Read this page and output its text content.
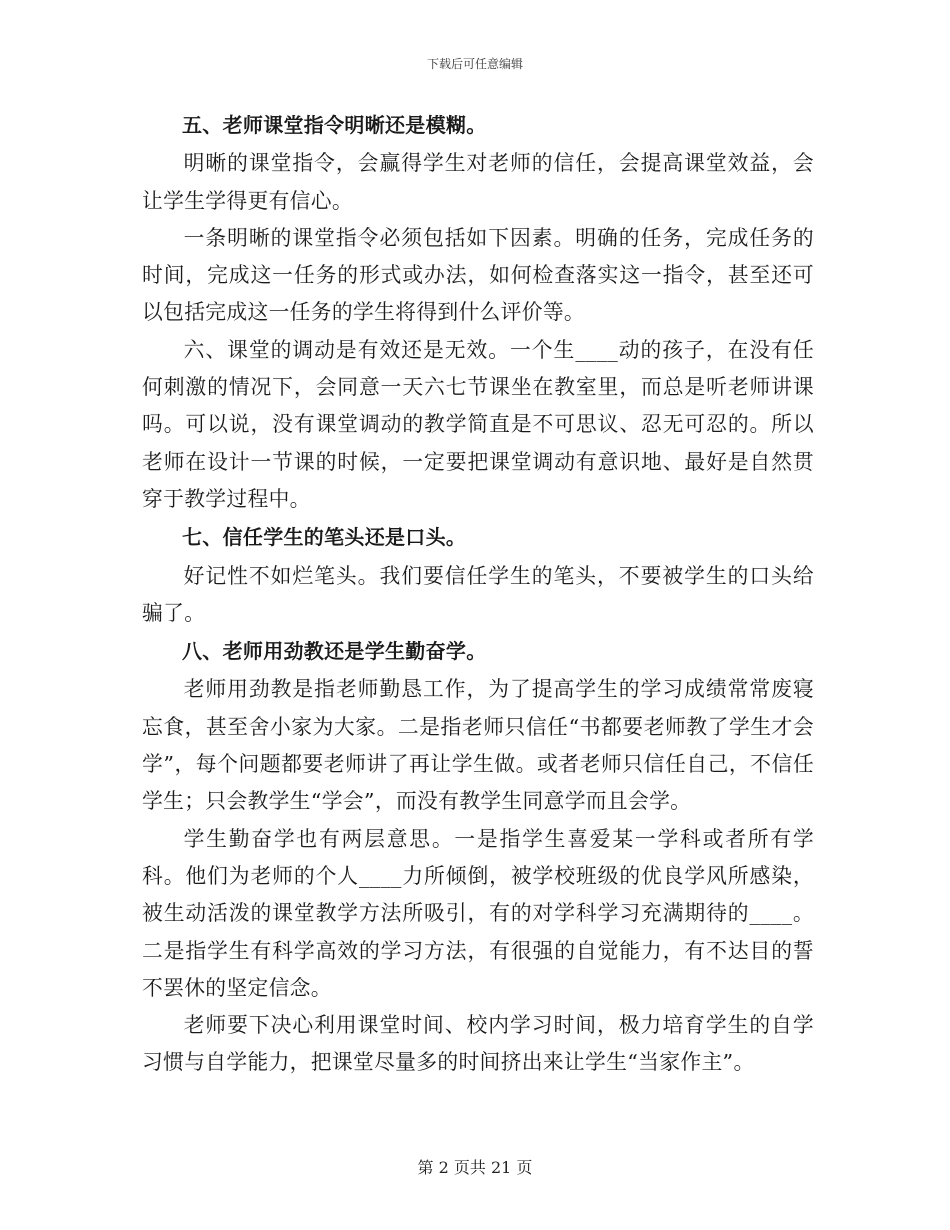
下载后可任意编辑

五、老师课堂指令明晰还是模糊。

明晰的课堂指令，会赢得学生对老师的信任，会提高课堂效益，会让学生学得更有信心。

一条明晰的课堂指令必须包括如下因素。明确的任务，完成任务的时间，完成这一任务的形式或办法，如何检查落实这一指令，甚至还可以包括完成这一任务的学生将得到什么评价等。

六、课堂的调动是有效还是无效。一个生____动的孩子，在没有任何刺激的情况下，会同意一天六七节课坐在教室里，而总是听老师讲课吗。可以说，没有课堂调动的教学简直是不可思议、忍无可忍的。所以老师在设计一节课的时候，一定要把课堂调动有意识地、最好是自然贯穿于教学过程中。

七、信任学生的笔头还是口头。

好记性不如烂笔头。我们要信任学生的笔头，不要被学生的口头给骗了。

八、老师用劲教还是学生勤奋学。

老师用劲教是指老师勤恳工作，为了提高学生的学习成绩常常废寝忘食，甚至舍小家为大家。二是指老师只信任“书都要老师教了学生才会学”，每个问题都要老师讲了再让学生做。或者老师只信任自己，不信任学生；只会教学生“学会”，而没有教学生同意学而且会学。

学生勤奋学也有两层意思。一是指学生喜爱某一学科或者所有学科。他们为老师的个人____力所倾倒，被学校班级的优良学风所感染，被生动活泼的课堂教学方法所吸引，有的对学科学习充满期待的____。二是指学生有科学高效的学习方法，有很强的自觉能力，有不达目的誓不罢休的坚定信念。

老师要下决心利用课堂时间、校内学习时间，极力培育学生的自学习惯与自学能力，把课堂尽量多的时间挤出来让学生“当家作主”。

第 2 页共 21 页
